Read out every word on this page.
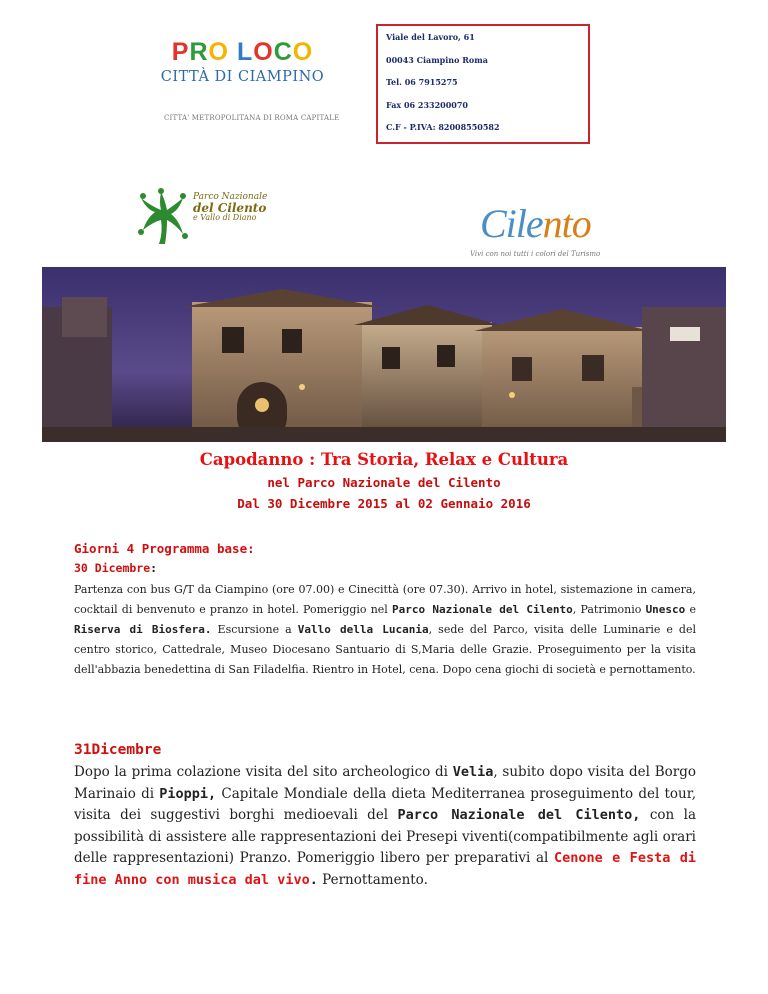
PRO LOCO
CITTÀ DI CIAMPINO
CITTA' METROPOLITANA DI ROMA CAPITALE

Viale del Lavoro, 61

00043 Ciampino Roma

Tel. 06 7915275

Fax 06 233200070

C.F - P.IVA: 82008550582

Parco Nazionale
del Cilento
e Vallo di Diano	Cilento
Vivi con noi tutti i colori del Turismo
Capodanno : Tra Storia, Relax e Cultura
nel Parco Nazionale del Cilento
Dal 30 Dicembre 2015 al 02 Gennaio 2016
Giorni 4 Programma base:
30 Dicembre:
Partenza con bus G/T da Ciampino (ore 07.00) e Cinecittà (ore 07.30). Arrivo in hotel, sistemazione in camera, cocktail di benvenuto e pranzo in hotel. Pomeriggio nel Parco Nazionale del Cilento, Patrimonio Unesco e Riserva di Biosfera. Escursione a Vallo della Lucania, sede del Parco, visita delle Luminarie e del centro storico, Cattedrale, Museo Diocesano Santuario di S,Maria delle Grazie. Proseguimento per la visita dell'abbazia benedettina di San Filadelfia. Rientro in Hotel, cena. Dopo cena giochi di società e pernottamento.
31Dicembre
Dopo la prima colazione visita del sito archeologico di Velia, subito dopo visita del Borgo Marinaio di Pioppi, Capitale Mondiale della dieta Mediterranea proseguimento del tour, visita dei suggestivi borghi medioevali del Parco Nazionale del Cilento, con la possibilità di assistere alle rappresentazioni dei Presepi viventi(compatibilmente agli orari delle rappresentazioni) Pranzo. Pomeriggio libero per preparativi al Cenone e Festa di fine Anno con musica dal vivo. Pernottamento.
